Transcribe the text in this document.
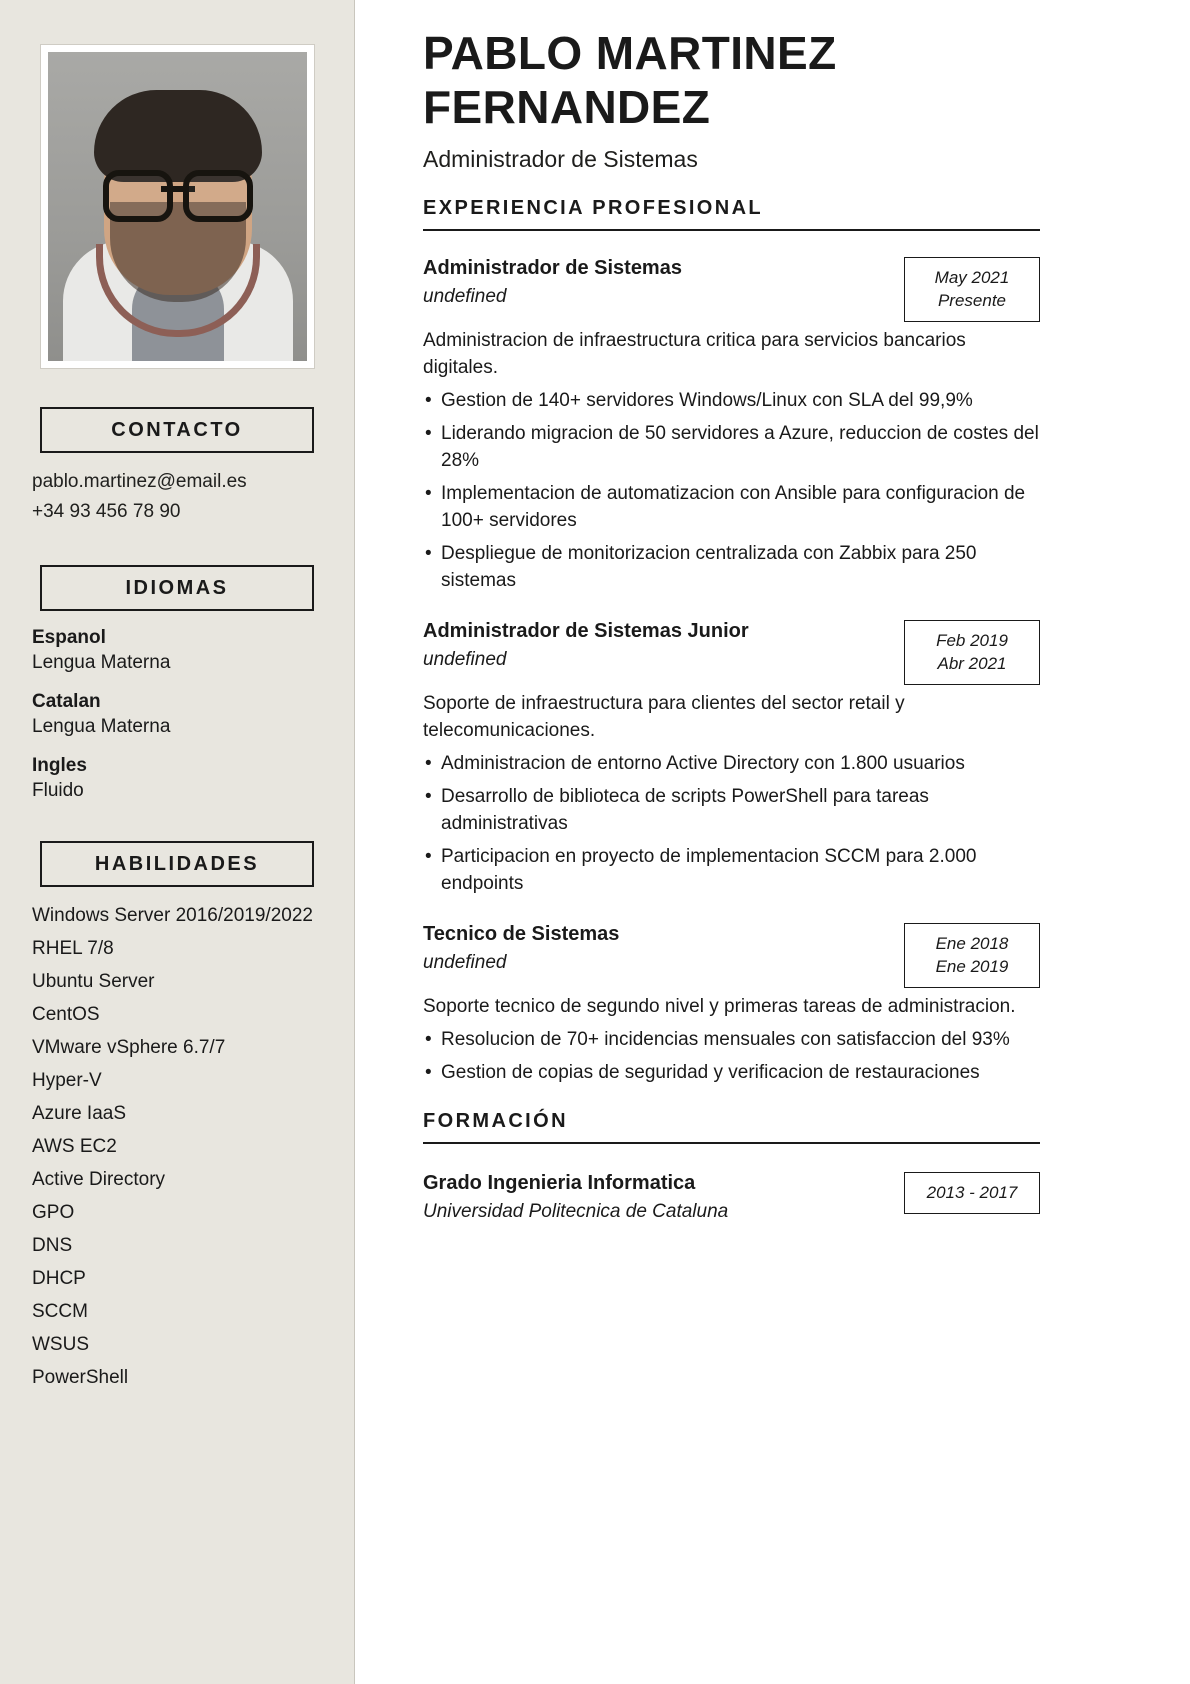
CONTACTO
pablo.martinez@email.es
+34 93 456 78 90
IDIOMAS
Espanol
Lengua Materna
Catalan
Lengua Materna
Ingles
Fluido
HABILIDADES
Windows Server 2016/2019/2022
RHEL 7/8
Ubuntu Server
CentOS
VMware vSphere 6.7/7
Hyper-V
Azure IaaS
AWS EC2
Active Directory
GPO
DNS
DHCP
SCCM
WSUS
PowerShell
PABLO MARTINEZ FERNANDEZ
Administrador de Sistemas
EXPERIENCIA PROFESIONAL
Administrador de Sistemas
undefined
May 2021
Presente
Administracion de infraestructura critica para servicios bancarios digitales.
• Gestion de 140+ servidores Windows/Linux con SLA del 99,9%
• Liderando migracion de 50 servidores a Azure, reduccion de costes del 28%
• Implementacion de automatizacion con Ansible para configuracion de 100+ servidores
• Despliegue de monitorizacion centralizada con Zabbix para 250 sistemas
Administrador de Sistemas Junior
undefined
Feb 2019
Abr 2021
Soporte de infraestructura para clientes del sector retail y telecomunicaciones.
• Administracion de entorno Active Directory con 1.800 usuarios
• Desarrollo de biblioteca de scripts PowerShell para tareas administrativas
• Participacion en proyecto de implementacion SCCM para 2.000 endpoints
Tecnico de Sistemas
undefined
Ene 2018
Ene 2019
Soporte tecnico de segundo nivel y primeras tareas de administracion.
• Resolucion de 70+ incidencias mensuales con satisfaccion del 93%
• Gestion de copias de seguridad y verificacion de restauraciones
FORMACIÓN
Grado Ingenieria Informatica
Universidad Politecnica de Cataluna
2013 - 2017
